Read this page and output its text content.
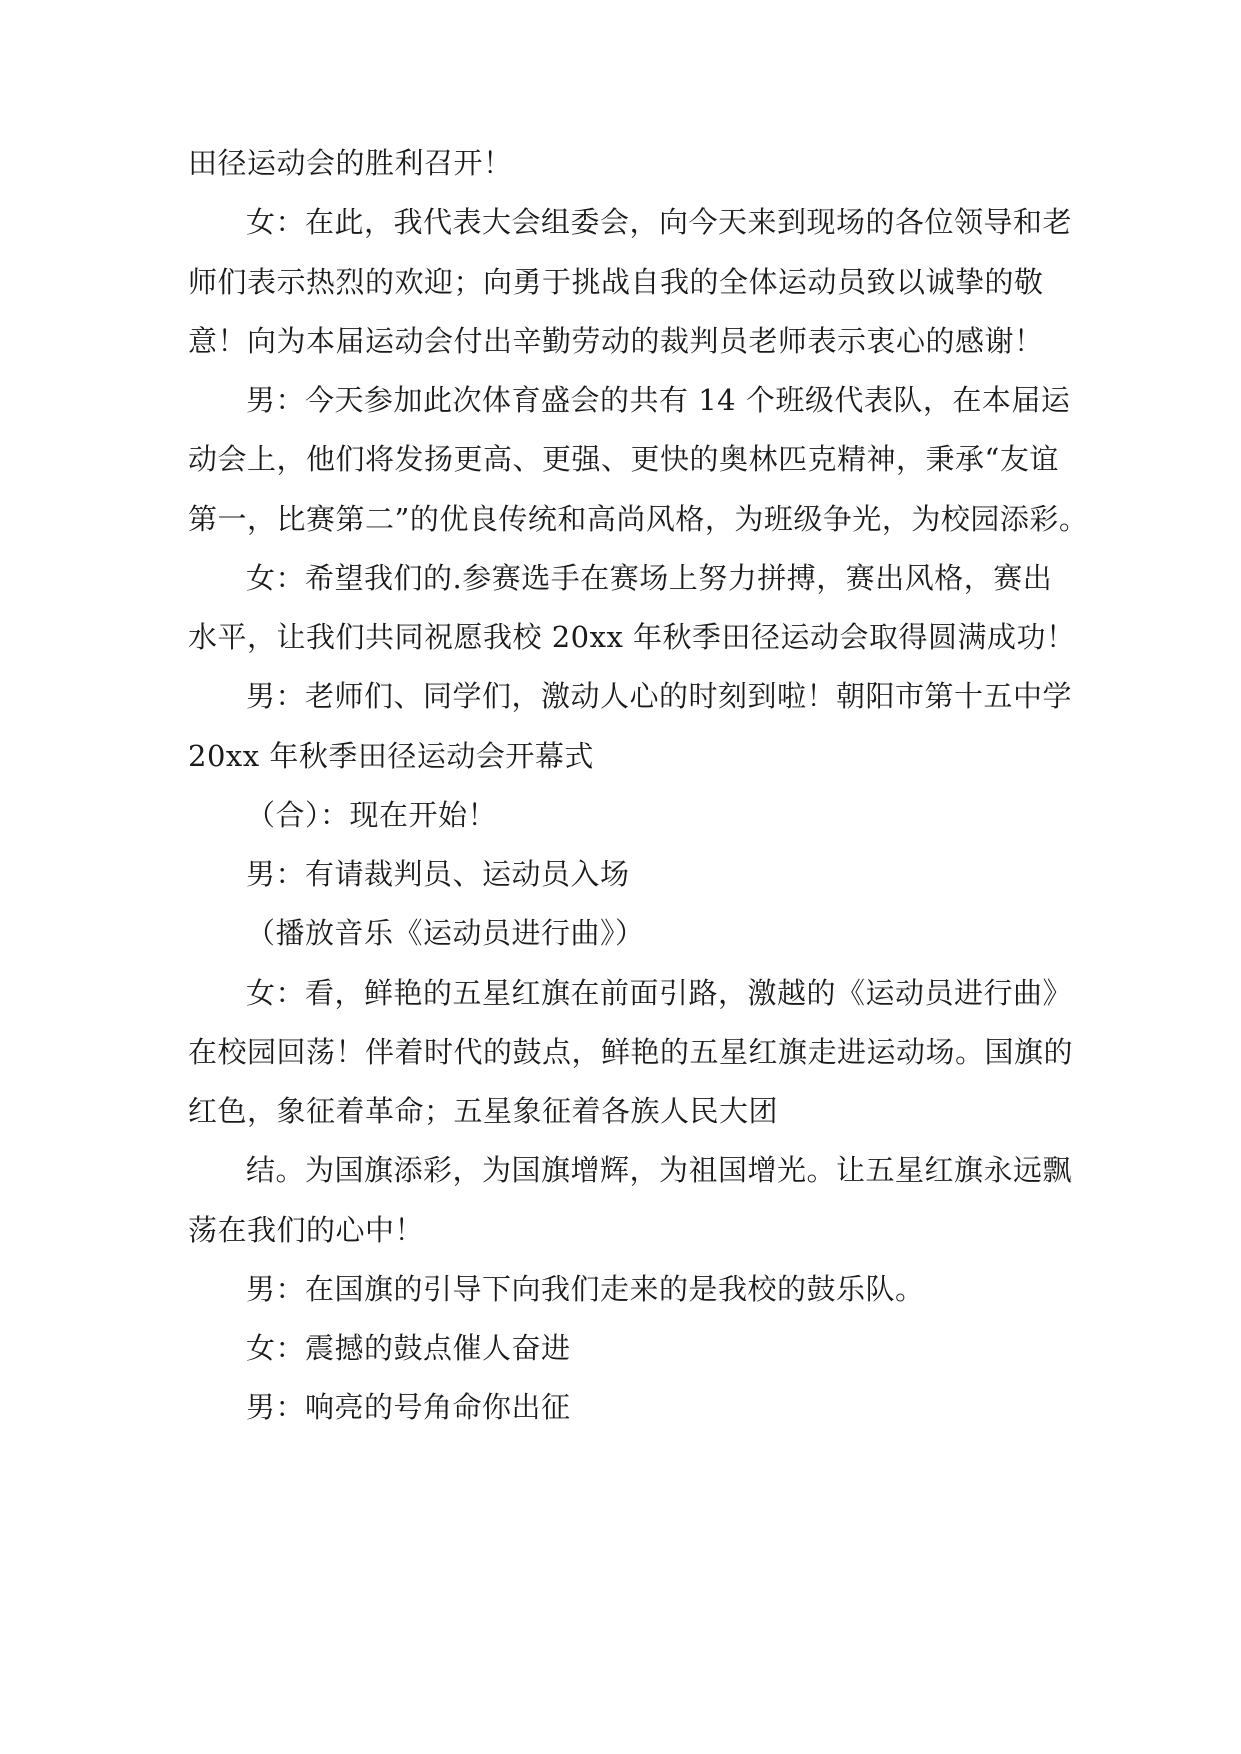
田径运动会的胜利召开！
女：在此，我代表大会组委会，向今天来到现场的各位领导和老
师们表示热烈的欢迎；向勇于挑战自我的全体运动员致以诚挚的敬
意！向为本届运动会付出辛勤劳动的裁判员老师表示衷心的感谢！
男：今天参加此次体育盛会的共有 14 个班级代表队，在本届运
动会上，他们将发扬更高、更强、更快的奥林匹克精神，秉承“友谊
第一，比赛第二”的优良传统和高尚风格，为班级争光，为校园添彩。
女：希望我们的.参赛选手在赛场上努力拼搏，赛出风格，赛出
水平，让我们共同祝愿我校 20xx 年秋季田径运动会取得圆满成功！
男：老师们、同学们，激动人心的时刻到啦！朝阳市第十五中学
20xx 年秋季田径运动会开幕式
（合）：现在开始！
男：有请裁判员、运动员入场
（播放音乐《运动员进行曲》）
女：看，鲜艳的五星红旗在前面引路，激越的《运动员进行曲》
在校园回荡！伴着时代的鼓点，鲜艳的五星红旗走进运动场。国旗的
红色，象征着革命；五星象征着各族人民大团
结。为国旗添彩，为国旗增辉，为祖国增光。让五星红旗永远飘
荡在我们的心中！
男：在国旗的引导下向我们走来的是我校的鼓乐队。
女：震撼的鼓点催人奋进
男：响亮的号角命你出征
